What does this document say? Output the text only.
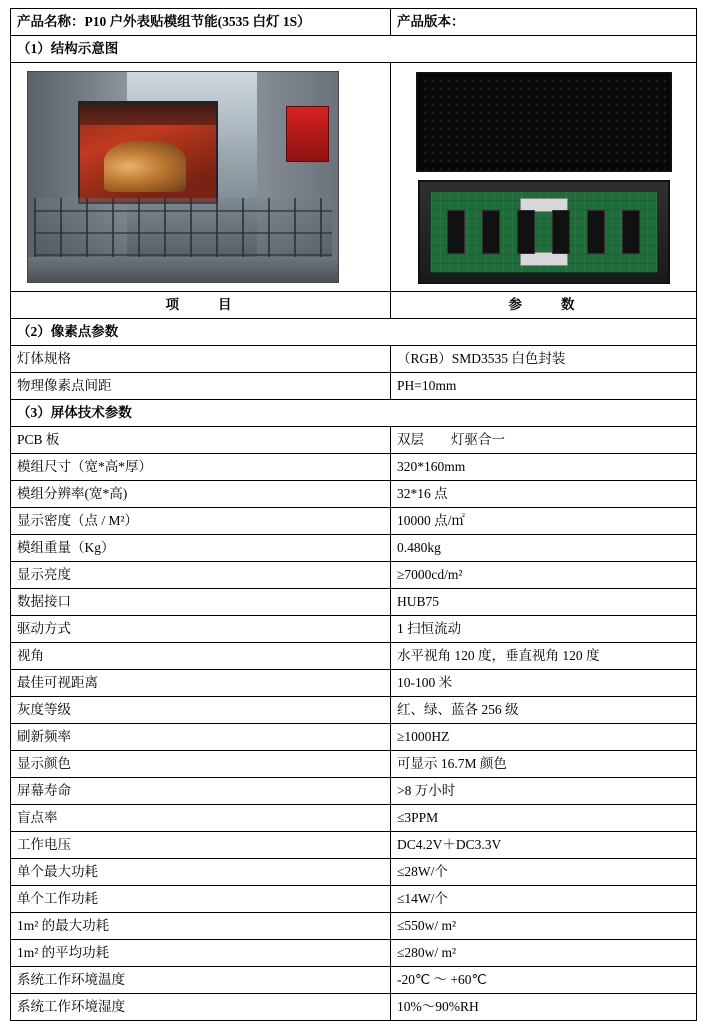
产品名称：P10 户外表贴模组节能(3535 白灯 1S）	产品版本：
（1）结构示意图	

项　　目	参　　数
（2）像素点参数	
灯体规格	（RGB）SMD3535 白色封装
物理像素点间距	PH=10mm
（3）屏体技术参数	
PCB 板	双层　　灯驱合一
模组尺寸（宽*高*厚）	320*160mm
模组分辨率(宽*高)	32*16 点
显示密度（点 / M²）	10000 点/㎡
模组重量（Kg）	0.480kg
显示亮度	≥7000cd/m²
数据接口	HUB75
驱动方式	1 扫恒流动
视角	水平视角 120 度，垂直视角 120 度
最佳可视距离	10-100 米
灰度等级	红、绿、蓝各 256 级
刷新频率	≥1000HZ
显示颜色	可显示 16.7M 颜色
屏幕寿命	>8 万小时
盲点率	≤3PPM
工作电压	DC4.2V＋DC3.3V
单个最大功耗	≤28W/个
单个工作功耗	≤14W/个
1m² 的最大功耗	≤550w/ m²
1m² 的平均功耗	≤280w/ m²
系统工作环境温度	-20℃ ～ +60℃
系统工作环境湿度	10%～90%RH
